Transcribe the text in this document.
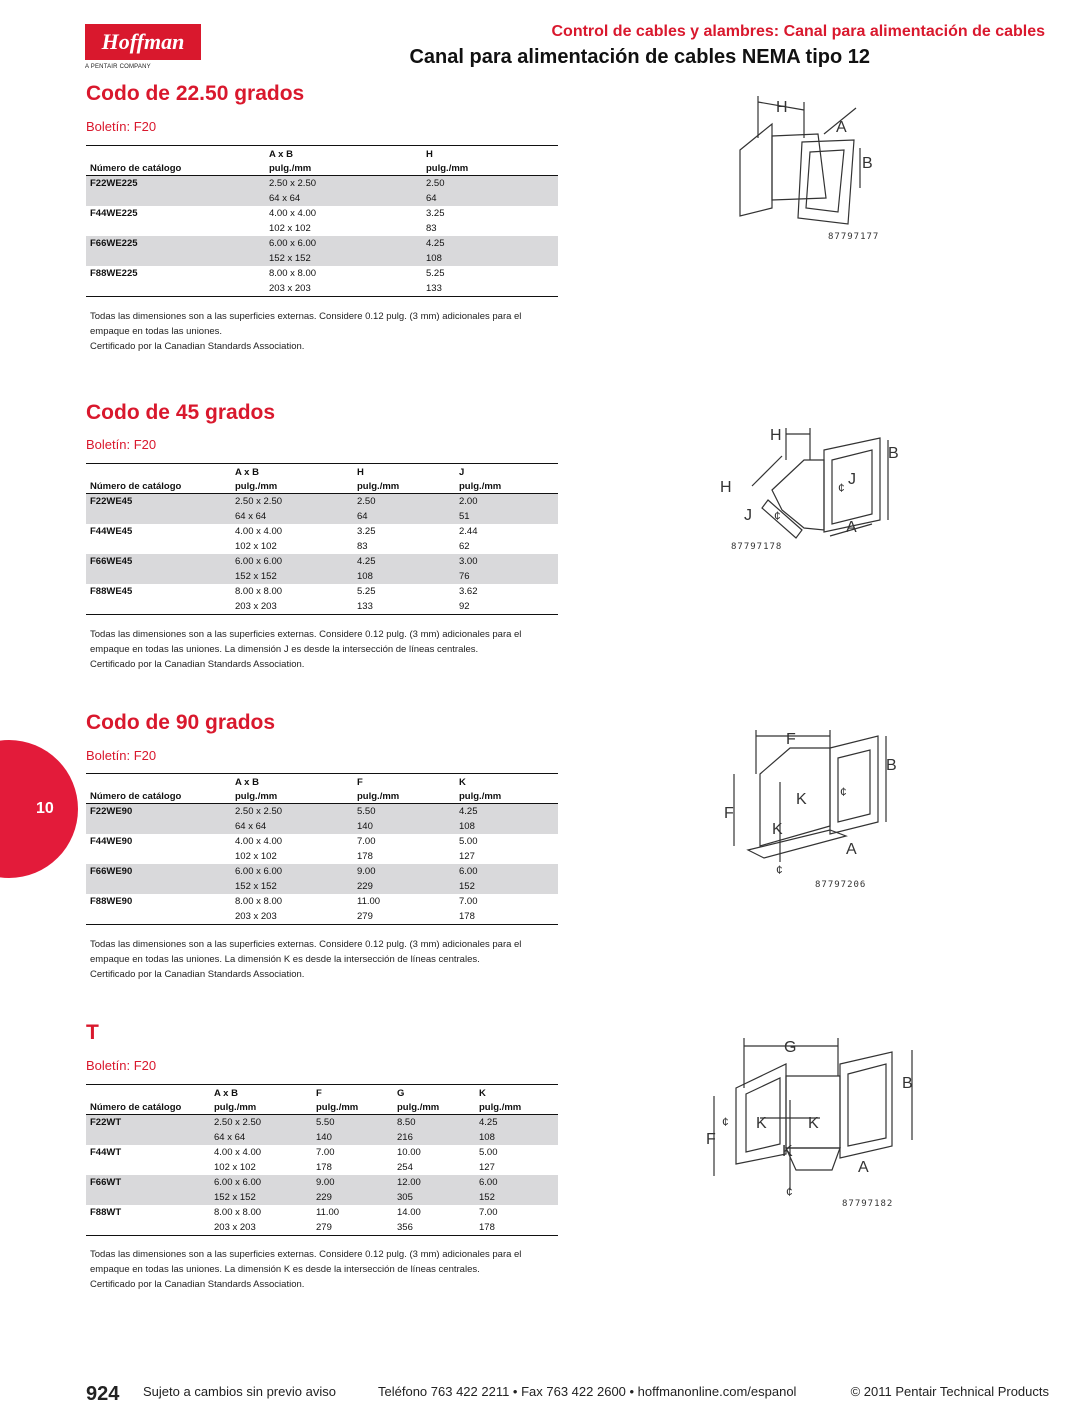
Hoffman
A PENTAIR COMPANY
Control de cables y alambres: Canal para alimentación de cables
Canal para alimentación de cables NEMA tipo 12
10
Codo de 22.50 grados
Boletín: F20
	A x B	H
Número de catálogo	pulg./mm	pulg./mm
F22WE225	2.50 x 2.50	2.50
	64 x 64	64
F44WE225	4.00 x 4.00	3.25
	102 x 102	83
F66WE225	6.00 x 6.00	4.25
	152 x 152	108
F88WE225	8.00 x 8.00	5.25
	203 x 203	133
Todas las dimensiones son a las superficies externas. Considere 0.12 pulg. (3 mm) adicionales para el
empaque en todas las uniones.
Certificado por la Canadian Standards Association.
H
A
B
87797177
Codo de 45 grados
Boletín: F20
	A x B	H	J
Número de catálogo	pulg./mm	pulg./mm	pulg./mm
F22WE45	2.50 x 2.50	2.50	2.00
	64 x 64	64	51
F44WE45	4.00 x 4.00	3.25	2.44
	102 x 102	83	62
F66WE45	6.00 x 6.00	4.25	3.00
	152 x 152	108	76
F88WE45	8.00 x 8.00	5.25	3.62
	203 x 203	133	92
Todas las dimensiones son a las superficies externas. Considere 0.12 pulg. (3 mm) adicionales para el
empaque en todas las uniones. La dimensión J es desde la intersección de líneas centrales.
Certificado por la Canadian Standards Association.
H
B
H	J
J
A
¢
¢
87797178
Codo de 90 grados
Boletín: F20
	A x B	F	K
Número de catálogo	pulg./mm	pulg./mm	pulg./mm
F22WE90	2.50 x 2.50	5.50	4.25
	64 x 64	140	108
F44WE90	4.00 x 4.00	7.00	5.00
	102 x 102	178	127
F66WE90	6.00 x 6.00	9.00	6.00
	152 x 152	229	152
F88WE90	8.00 x 8.00	11.00	7.00
	203 x 203	279	178
Todas las dimensiones son a las superficies externas. Considere 0.12 pulg. (3 mm) adicionales para el
empaque en todas las uniones. La dimensión K es desde la intersección de líneas centrales.
Certificado por la Canadian Standards Association.
F
B
F
K
K
A
¢
¢
87797206
T
Boletín: F20
	A x B	F	G	K
Número de catálogo	pulg./mm	pulg./mm	pulg./mm	pulg./mm
F22WT	2.50 x 2.50	5.50	8.50	4.25
	64 x 64	140	216	108
F44WT	4.00 x 4.00	7.00	10.00	5.00
	102 x 102	178	254	127
F66WT	6.00 x 6.00	9.00	12.00	6.00
	152 x 152	229	305	152
F88WT	8.00 x 8.00	11.00	14.00	7.00
	203 x 203	279	356	178
Todas las dimensiones son a las superficies externas. Considere 0.12 pulg. (3 mm) adicionales para el
empaque en todas las uniones. La dimensión K es desde la intersección de líneas centrales.
Certificado por la Canadian Standards Association.
G
B
F
K	K
K
A
¢
¢
87797182
924 Sujeto a cambios sin previo aviso	Teléfono 763 422 2211 • Fax 763 422 2600 • hoffmanonline.com/espanol	© 2011 Pentair Technical Products
